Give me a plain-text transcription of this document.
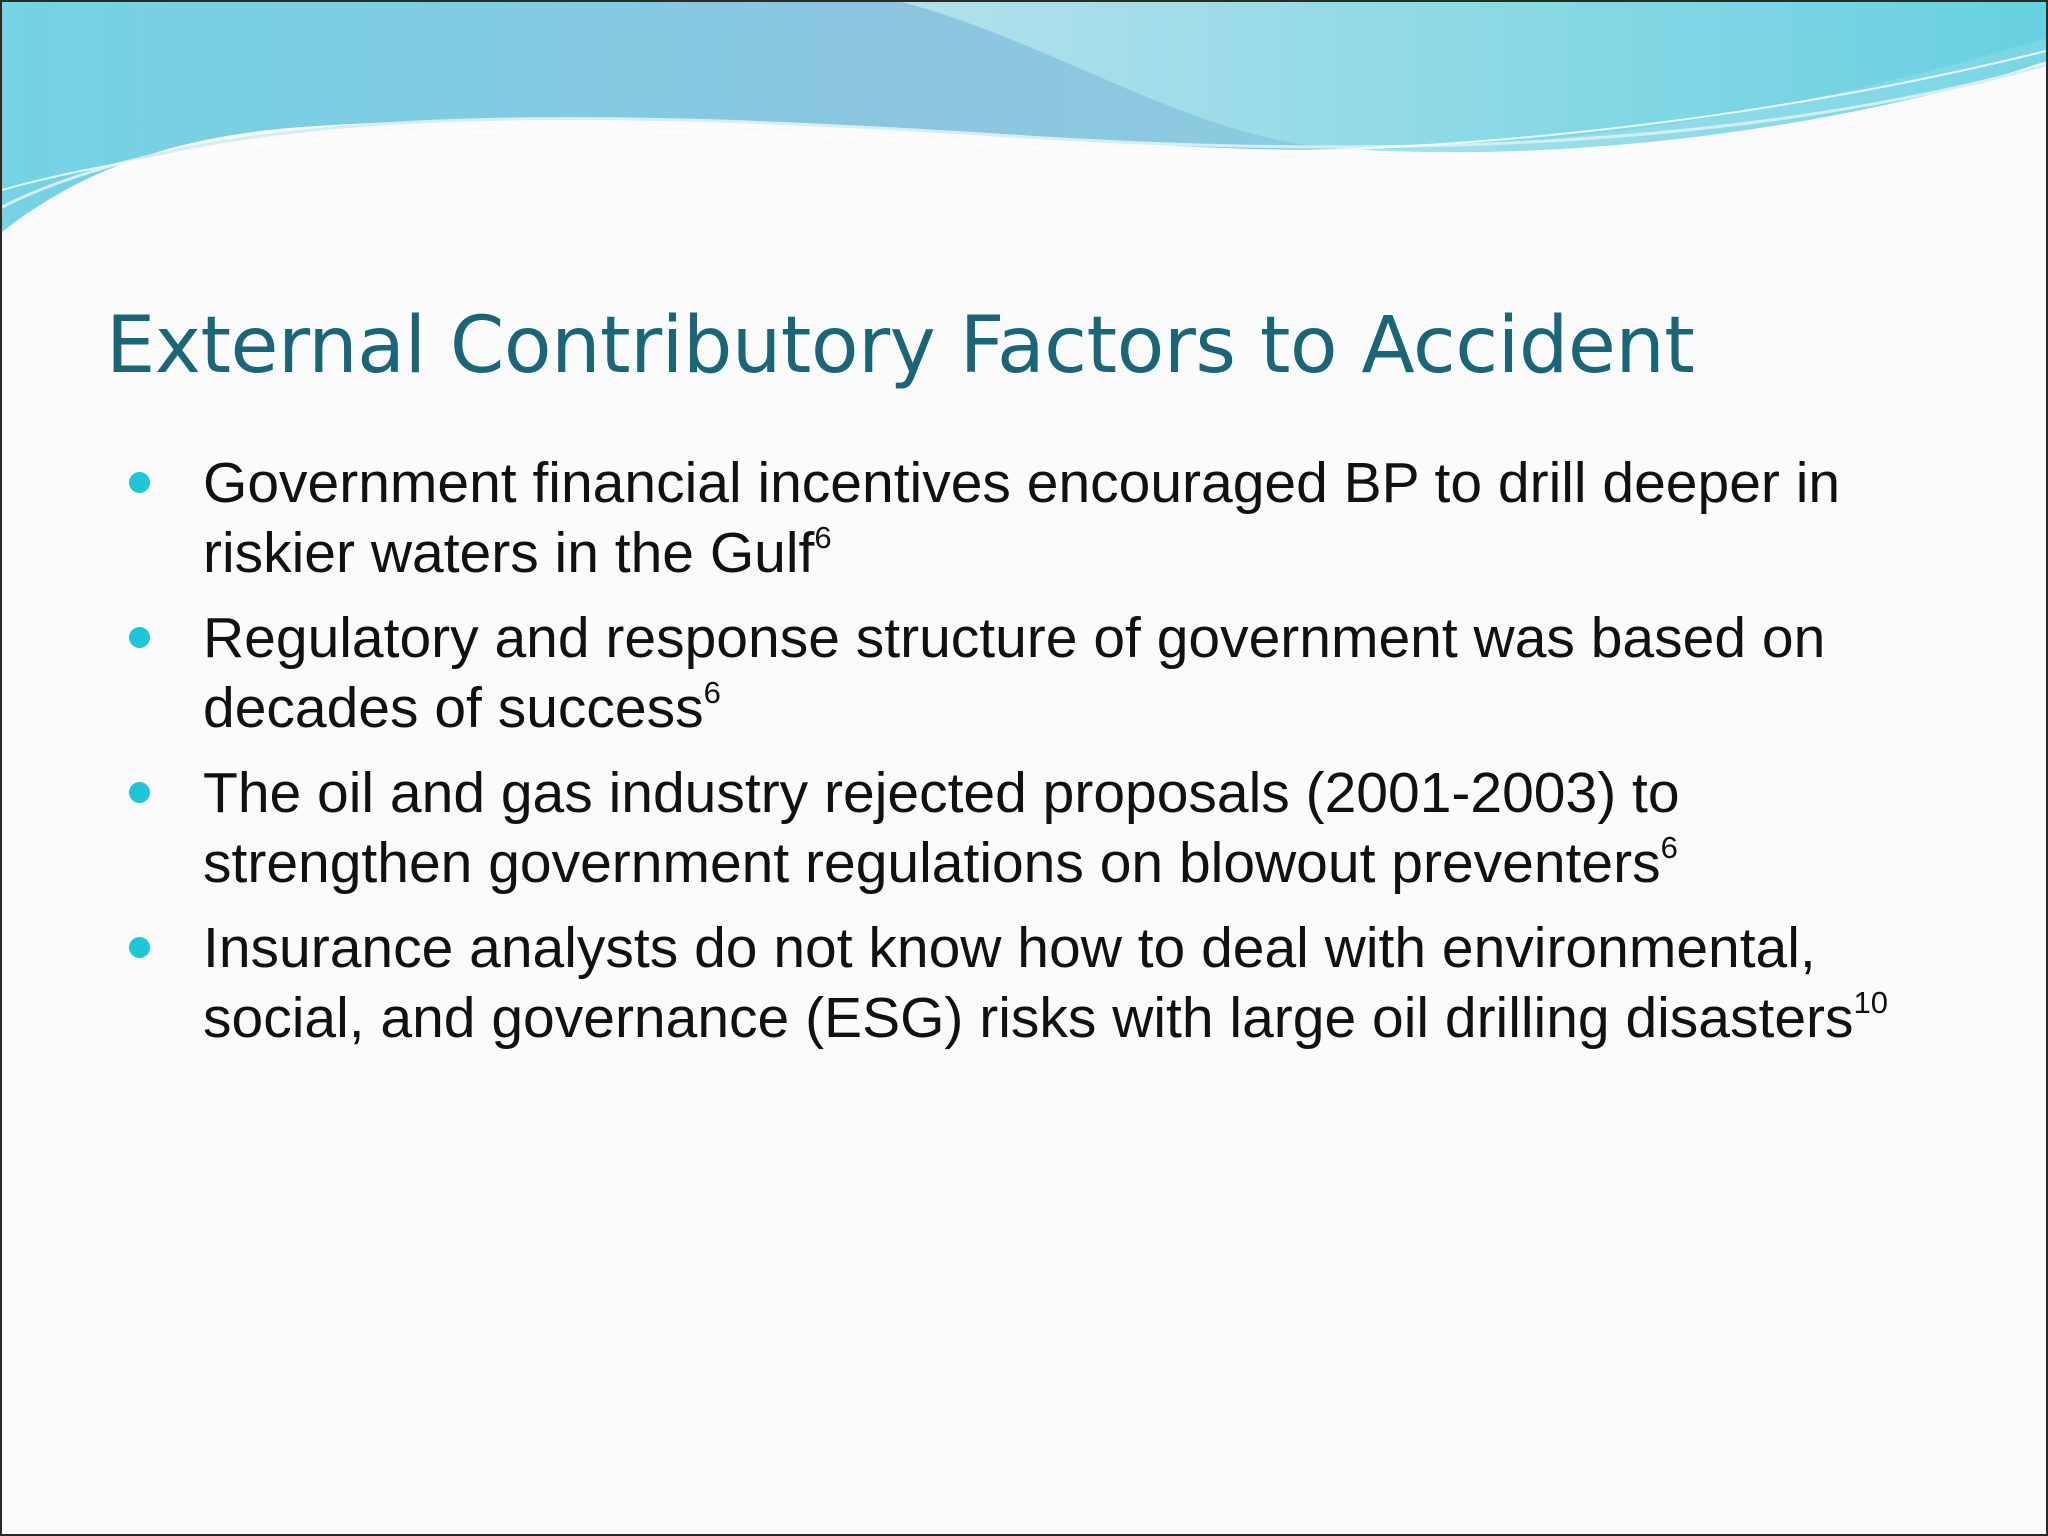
External Contributory Factors to Accident
Government financial incentives encouraged BP to drill deeper in riskier waters in the Gulf$^6$
Regulatory and response structure of government was based on decades of success$^6$
The oil and gas industry rejected proposals (2001-2003) to strengthen government regulations on blowout preventers$^6$
Insurance analysts do not know how to deal with environmental, social, and governance (ESG) risks with large oil drilling disasters$^{10}$
